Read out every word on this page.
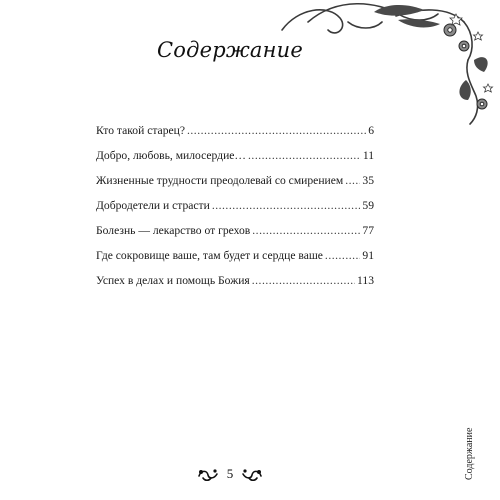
Содержание
Кто такой старец? .....	6
Добро, любовь, милосердие… .....	11
Жизненные трудности преодолевай со смирением ..... 35
Добродетели и страсти .....	59
Болезнь — лекарство от грехов .....	77
Где сокровище ваше, там будет и сердце ваше .....	91
Успех в делах и помощь Божия .....	113
Содержание
5
